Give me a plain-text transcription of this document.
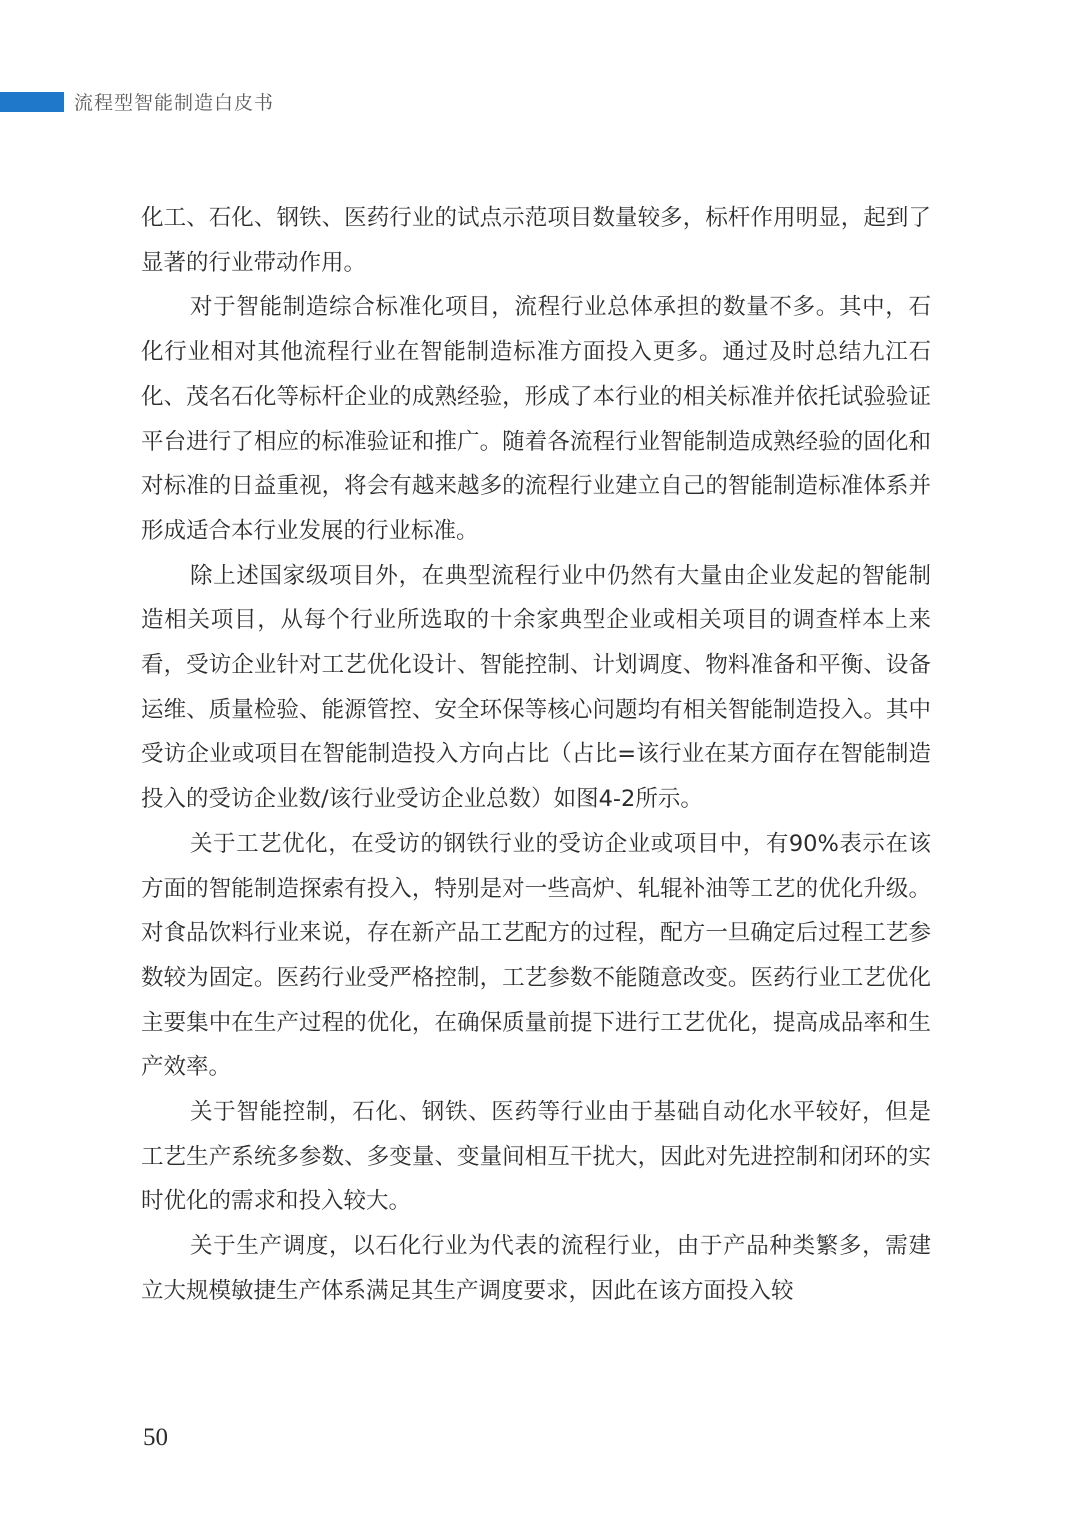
流程型智能制造白皮书

化工、石化、钢铁、医药行业的试点示范项目数量较多，标杆作用明显，起到了显著的行业带动作用。

对于智能制造综合标准化项目，流程行业总体承担的数量不多。其中，石化行业相对其他流程行业在智能制造标准方面投入更多。通过及时总结九江石化、茂名石化等标杆企业的成熟经验，形成了本行业的相关标准并依托试验验证平台进行了相应的标准验证和推广。随着各流程行业智能制造成熟经验的固化和对标准的日益重视，将会有越来越多的流程行业建立自己的智能制造标准体系并形成适合本行业发展的行业标准。

除上述国家级项目外，在典型流程行业中仍然有大量由企业发起的智能制造相关项目，从每个行业所选取的十余家典型企业或相关项目的调查样本上来看，受访企业针对工艺优化设计、智能控制、计划调度、物料准备和平衡、设备运维、质量检验、能源管控、安全环保等核心问题均有相关智能制造投入。其中受访企业或项目在智能制造投入方向占比（占比=该行业在某方面存在智能制造投入的受访企业数/该行业受访企业总数）如图4-2所示。

关于工艺优化，在受访的钢铁行业的受访企业或项目中，有90%表示在该方面的智能制造探索有投入，特别是对一些高炉、轧辊补油等工艺的优化升级。对食品饮料行业来说，存在新产品工艺配方的过程，配方一旦确定后过程工艺参数较为固定。医药行业受严格控制，工艺参数不能随意改变。医药行业工艺优化主要集中在生产过程的优化，在确保质量前提下进行工艺优化，提高成品率和生产效率。

关于智能控制，石化、钢铁、医药等行业由于基础自动化水平较好，但是工艺生产系统多参数、多变量、变量间相互干扰大，因此对先进控制和闭环的实时优化的需求和投入较大。

关于生产调度，以石化行业为代表的流程行业，由于产品种类繁多，需建立大规模敏捷生产体系满足其生产调度要求，因此在该方面投入较

50
